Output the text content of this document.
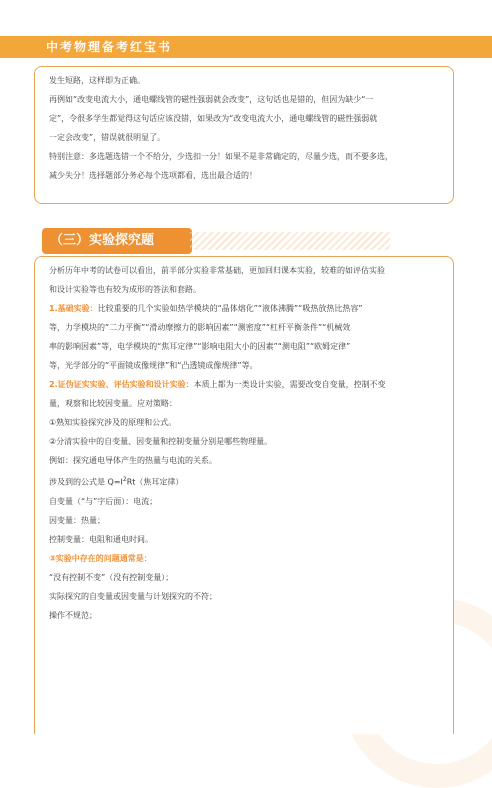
中考物理备考红宝书

发生短路，这样即为正确。

再例如“改变电流大小，通电螺线管的磁性强弱就会改变”，这句话也是错的，但因为缺少“一

定”，令很多学生都觉得这句话应该没错，如果改为“改变电流大小，通电螺线管的磁性强弱就

一定会改变”，错误就很明显了。

特别注意：多选题选错一个不给分，少选扣一分！如果不是非常确定的，尽量少选，而不要多选，

减少失分！选择题部分务必每个选项都看，选出最合适的！

（三）实验探究题

分析历年中考的试卷可以看出，前半部分实验非常基础，更加回归课本实验，较难的如评估实验

和设计实验等也有较为成形的答法和套路。

1.基础实验：比较重要的几个实验如热学模块的“晶体熔化”“液体沸腾”“吸热放热比热容”

等，力学模块的“二力平衡”“滑动摩擦力的影响因素”“测密度”“杠杆平衡条件”“机械效

率的影响因素”等，电学模块的“焦耳定律”“影响电阻大小的因素”“测电阻”“欧姆定律”

等，光学部分的“平面镜成像规律”和“凸透镜成像规律”等。

2.证伪证实实验、评估实验和设计实验：本质上都为一类设计实验，需要改变自变量，控制不变

量，观察和比较因变量。应对策略：

①熟知实验探究涉及的原理和公式。

②分清实验中的自变量、因变量和控制变量分别是哪些物理量。

例如：探究通电导体产生的热量与电流的关系。

涉及到的公式是 $Q=I^2Rt$（焦耳定律）

自变量（“与”字后面）：电流；

因变量：热量；

控制变量：电阻和通电时间。

③实验中存在的问题通常是：

“没有控制不变”（没有控制变量）；

实际探究的自变量或因变量与计划探究的不符；

操作不规范；
